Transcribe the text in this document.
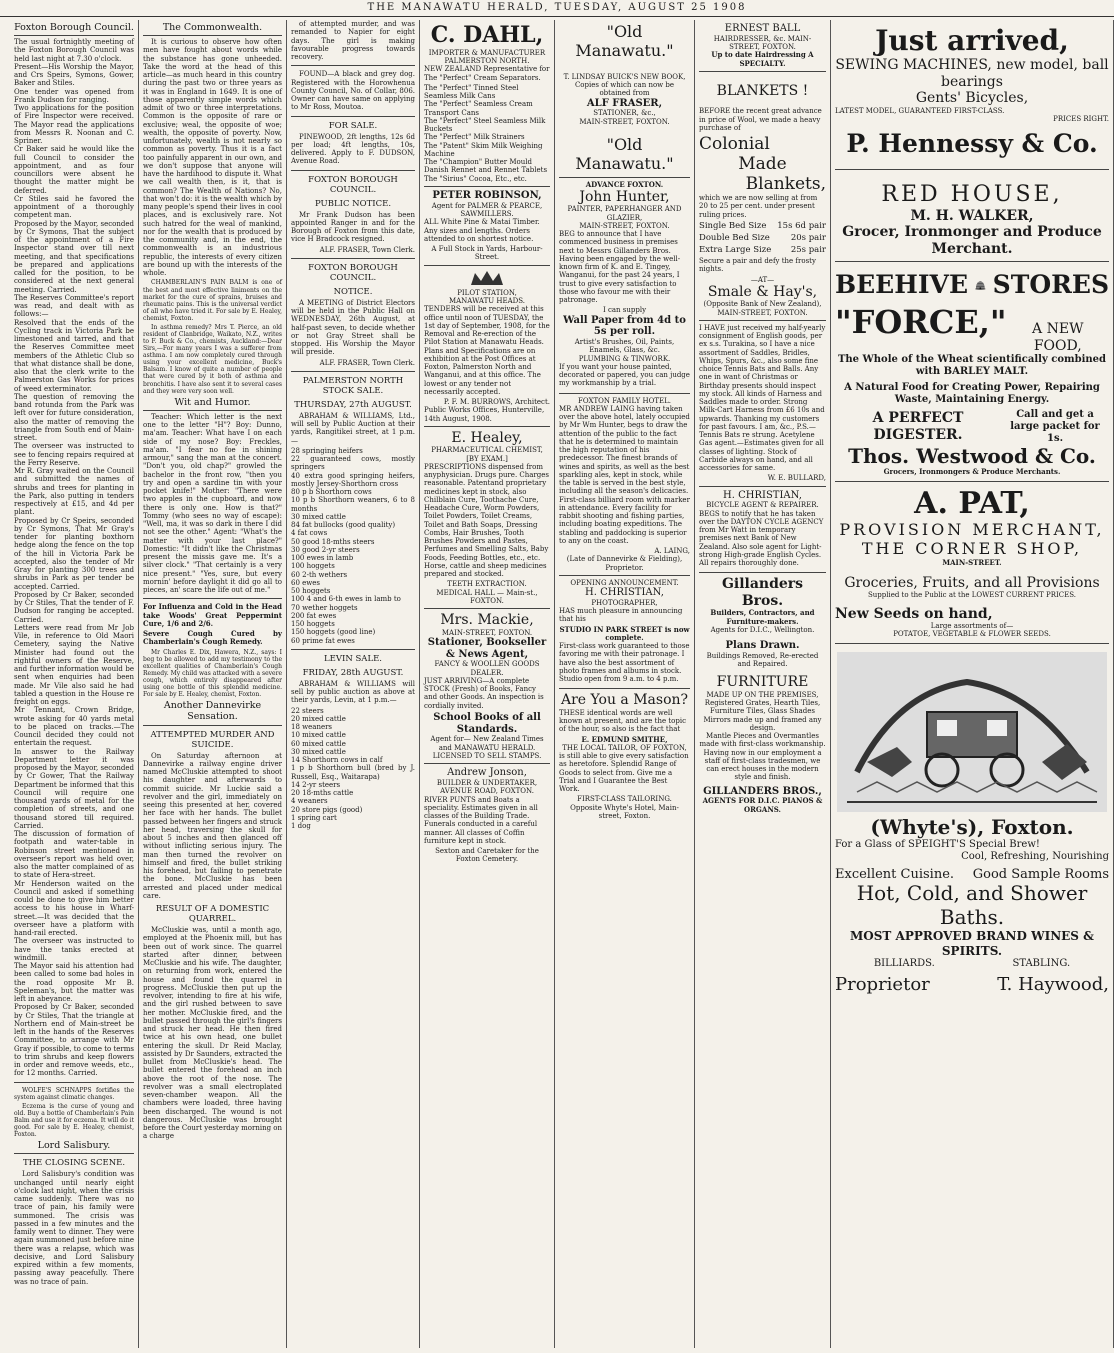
THE MANAWATU HERALD, TUESDAY, AUGUST 25 1908
Foxton Borough Council.

The usual fortnightly meeting of the Foxton Borough Council was held last night at 7.30 o'clock.

Present—His Worship the Mayor, and Crs Speirs, Symons, Gower, Baker and Stiles.

One tender was opened from Frank Dudson for ranging.

Two applications for the position of Fire Inspector were received. The Mayor read the applications from Messrs R. Noonan and C. Spriner.

Cr Baker said he would like the full Council to consider the appointment, and as four councillors were absent he thought the matter might be deferred.

Cr Stiles said he favored the appointment of a thoroughly competent man.

Proposed by the Mayor, seconded by Cr Symons, That the subject of the appointment of a Fire Inspector stand over till next meeting, and that specifications be prepared and applications called for the position, to be considered at the next general meeting. Carried.

The Reserves Committee's report was read, and dealt with as follows:—

Resolved that the ends of the Cycling track in Victoria Park be limestoned and tarred, and that the Reserves Committee meet members of the Athletic Club so that what distance shall be done, also that the clerk write to the Palmerston Gas Works for prices of weed exterminator.

The question of removing the band rotunda from the Park was left over for future consideration, also the matter of removing the triangle from South end of Main-street.

The overseer was instructed to see to fencing repairs required at the Ferry Reserve.

Mr R. Gray waited on the Council and submitted the names of shrubs and trees for planting in the Park, also putting in tenders respectively at £15, and 4d per plant.

Proposed by Cr Speirs, seconded by Cr Symons, That Mr Gray's tender for planting boxthorn hedge along the fence on the top of the hill in Victoria Park be accepted, also the tender of Mr Gray for planting 300 trees and shrubs in Park as per tender be accepted. Carried.

Proposed by Cr Baker, seconded by Cr Stiles, That the tender of F. Dudson for ranging be accepted. Carried.

Letters were read from Mr Job Vile, in reference to Old Maori Cemetery, saying the Native Minister had found out the rightful owners of the Reserve, and further information would be sent when enquiries had been made. Mr Vile also said he had tabled a question in the House re freight on eggs.

Mr Tennant, Crown Bridge, wrote asking for 40 yards metal to be placed on tracks.—The Council decided they could not entertain the request.

In answer to the Railway Department letter it was proposed by the Mayor, seconded by Cr Gower, That the Railway Department be informed that this Council will require one thousand yards of metal for the completion of streets, and one thousand stored till required. Carried.

The discussion of formation of footpath and water-table in Robinson street mentioned in overseer's report was held over, also the matter complained of as to state of Hera-street.

Mr Henderson waited on the Council and asked if something could be done to give him better access to his house in Wharf-street.—It was decided that the overseer have a platform with hand-rail erected.

The overseer was instructed to have the tanks erected at windmill.

The Mayor said his attention had been called to some bad holes in the road opposite Mr B. Speleman's, but the matter was left in abeyance.

Proposed by Cr Baker, seconded by Cr Stiles, That the triangle at Northern end of Main-street be left in the hands of the Reserves Committee, to arrange with Mr Gray if possible, to come to terms to trim shrubs and keep flowers in order and remove weeds, etc., for 12 months. Carried.

WOLFE'S SCHNAPPS fortifies the system against climatic changes.

Eczema is the curse of young and old. Buy a bottle of Chamberlain's Pain Balm and use it for eczema. It will do it good. For sale by E. Healey, chemist, Foxton.

Lord Salisbury.
THE CLOSING SCENE.

Lord Salisbury's condition was unchanged until nearly eight o'clock last night, when the crisis came suddenly. There was no trace of pain, his family were summoned. The crisis was passed in a few minutes and the family went to dinner. They were again summoned just before nine there was a relapse, which was decisive, and Lord Salisbury expired within a few moments, passing away peacefully. There was no trace of pain.

The Commonwealth.

It is curious to observe how often men have fought about words while the substance has gone unheeded. Take the word at the head of this article—as much heard in this country during the past two or three years as it was in England in 1649. It is one of those apparently simple words which admit of two or three interpretations. Common is the opposite of rare or exclusive; weal, the opposite of woe; wealth, the opposite of poverty. Now, unfortunately, wealth is not nearly so common as poverty. Thus it is a fact too painfully apparent in our own, and we don't suppose that anyone will have the hardihood to dispute it. What we call wealth then, is it, that is common? The Wealth of Nations? No, that won't do: it is the wealth which by many people's spend their lives in cool places, and is exclusively rare. Not such hatred for the weal of mankind, nor for the wealth that is produced by the community and, in the end, the commonwealth is an industrious republic, the interests of every citizen are bound up with the interests of the whole.

CHAMBERLAIN'S PAIN BALM is one of the best and most effective liniments on the market for the cure of sprains, bruises and rheumatic pains. This is the universal verdict of all who have tried it. For sale by E. Healey, chemist, Foxton.

In asthma remedy? Mrs T. Pierce, an old resident of Clanbridge, Waikato, N.Z., writes to F. Buck & Co., chemists, Auckland:—Dear Sirs,—For many years I was a sufferer from asthma. I am now completely cured through using your excellent medicine, Buck's Balsam. I know of quite a number of people that were cured by it both of asthma and bronchitis. I have also sent it to several cases and they were very soon well.

Wit and Humor.

Teacher: Which letter is the next one to the letter "H"? Boy: Dunno, ma'am. Teacher: What have I on each side of my nose? Boy: Freckles, ma'am. "I fear no foe in shining armour," sang the man at the concert. "Don't you, old chap?" growled the bachelor in the front row, "then you try and open a sardine tin with your pocket knife!" Mother: "There were two apples in the cupboard, and now there is only one. How is that?" Tommy (who sees no way of escape): "Well, ma, it was so dark in there I did not see the other." Agent: "What's the matter with your last place?" Domestic: "It didn't like the Christmas present the missis gave me. It's a silver clock." "That certainly is a very nice present." "Yes, sure, but every mornin' before daylight it did go all to pieces, an' scare the life out of me."

For Influenza and Cold in the Head take Woods' Great Peppermint Cure, 1/6 and 2/6.

Severe Cough Cured by Chamberlain's Cough Remedy.

Mr Charles E. Dix, Hawera, N.Z., says: I beg to be allowed to add my testimony to the excellent qualities of Chamberlain's Cough Remedy. My child was attacked with a severe cough, which entirely disappeared after using one bottle of this splendid medicine. For sale by E. Healey, chemist, Foxton.

Another Dannevirke Sensation.
ATTEMPTED MURDER AND SUICIDE.

On Saturday afternoon at Dannevirke a railway engine driver named McCluskie attempted to shoot his daughter and afterwards to commit suicide. Mr Luckie said a revolver and the girl, immediately on seeing this presented at her, covered her face with her hands. The bullet passed between her fingers and struck her head, traversing the skull for about 5 inches and then glanced off without inflicting serious injury. The man then turned the revolver on himself and fired, the bullet striking his forehead, but failing to penetrate the bone. McCluskie has been arrested and placed under medical care.

RESULT OF A DOMESTIC QUARREL.

McCluskie was, until a month ago, employed at the Phoenix mill, but has been out of work since. The quarrel started after dinner, between McCluskie and his wife. The daughter, on returning from work, entered the house and found the quarrel in progress. McCluskie then put up the revolver, intending to fire at his wife, and the girl rushed between to save her mother. McCluskie fired, and the bullet passed through the girl's fingers and struck her head. He then fired twice at his own head, one bullet entering the skull. Dr Reid Maclay, assisted by Dr Saunders, extracted the bullet from McCluskie's head. The bullet entered the forehead an inch above the root of the nose. The revolver was a small electroplated seven-chamber weapon. All the chambers were loaded, three having been discharged. The wound is not dangerous. McCluskie was brought before the Court yesterday morning on a charge

of attempted murder, and was remanded to Napier for eight days. The girl is making favourable progress towards recovery.

FOUND—A black and grey dog. Registered with the Horowhenua County Council, No. of Collar, 806. Owner can have same on applying to Mr Ross, Moutoa.

FOR SALE.

PINEWOOD, 2ft lengths, 12s 6d per load; 4ft lengths, 10s, delivered. Apply to F. DUDSON, Avenue Road.

FOXTON BOROUGH COUNCIL.
PUBLIC NOTICE.

Mr Frank Dudson has been appointed Ranger in and for the Borough of Foxton from this date, vice H Bradcock resigned.

ALF. FRASER, Town Clerk.

FOXTON BOROUGH COUNCIL.
NOTICE.

A MEETING of District Electors will be held in the Public Hall on WEDNESDAY, 26th August, at half-past seven, to decide whether or not Gray Street shall be stopped. His Worship the Mayor will preside.

ALF. FRASER, Town Clerk.

PALMERSTON NORTH STOCK SALE.
THURSDAY, 27th AUGUST.

ABRAHAM & WILLIAMS, Ltd., will sell by Public Auction at their yards, Rangitikei street, at 1 p.m.—

28 springing heifers

22 guaranteed cows, mostly springers

40 extra good springing heifers, mostly Jersey-Shorthorn cross

80 p b Shorthorn cows

10 p b Shorthorn weaners, 6 to 8 months

30 mixed cattle

84 fat bullocks (good quality)

4 fat cows

50 good 18-mths steers

30 good 2-yr steers

100 ewes in lamb

100 hoggets

60 2-th wethers

60 ewes

50 hoggets

100 4 and 6-th ewes in lamb to

70 wether hoggets

200 fat ewes

150 hoggets

150 hoggets (good line)

60 prime fat ewes

LEVIN SALE.
FRIDAY, 28th AUGUST.

ABRAHAM & WILLIAMS will sell by public auction as above at their yards, Levin, at 1 p.m.—

22 steers

20 mixed cattle

18 weaners

10 mixed cattle

60 mixed cattle

30 mixed cattle

14 Shorthorn cows in calf

1 p b Shorthorn bull (bred by J. Russell, Esq., Waitarapa)

14 2-yr steers

20 18-mths cattle

4 weaners

20 store pigs (good)

1 spring cart

1 dog

C. DAHL,
IMPORTER & MANUFACTURER
PALMERSTON NORTH.

NEW ZEALAND Representative for The "Perfect" Cream Separators.

The "Perfect" Tinned Steel Seamless Milk Cans

The "Perfect" Seamless Cream Transport Cans

The "Perfect" Steel Seamless Milk Buckets

The "Perfect" Milk Strainers

The "Patent" Skim Milk Weighing Machine

The "Champion" Butter Mould

Danish Rennet and Rennet Tablets

The "Sirius" Cocoa, Etc., etc.

PETER ROBINSON,
Agent for PALMER & PEARCE, SAWMILLERS.

ALL White Pine & Matai Timber. Any sizes and lengths. Orders attended to on shortest notice.

A Full Stock in Yards, Harbour-Street.
PILOT STATION,
MANAWATU HEADS.

TENDERS will be received at this office until noon of TUESDAY, the 1st day of September, 1908, for the Removal and Re-erection of the Pilot Station at Manawatu Heads. Plans and Specifications are on exhibition at the Post Offices at Foxton, Palmerston North and Wanganui, and at this office. The lowest or any tender not necessarily accepted.

P. F. M. BURROWS, Architect.
Public Works Offices, Hunterville, 14th August, 1908.
E. Healey,
PHARMACEUTICAL CHEMIST, [BY EXAM.]

PRESCRIPTIONS dispensed from anyphysician. Drugs pure. Charges reasonable. Patentand proprietary medicines kept in stock, also Chilblain Cure, Toothache Cure, Headache Cure, Worm Powders, Toilet Powders, Toilet Creams, Toilet and Bath Soaps, Dressing Combs, Hair Brushes, Tooth Brushes Powders and Pastes, Perfumes and Smelling Salts, Baby Foods, Feeding Bottles, etc., etc. Horse, cattle and sheep medicines prepared and stocked.

TEETH EXTRACTION.
MEDICAL HALL — Main-st., FOXTON.
Mrs. Mackie,
MAIN-STREET, FOXTON.
Stationer, Bookseller & News Agent,
FANCY & WOOLLEN GOODS DEALER.

JUST ARRIVING—A complete STOCK (Fresh) of Books, Fancy and other Goods. An inspection is cordially invited.

School Books of all Standards.
Agent for— New Zealand Times and MANAWATU HERALD.
LICENSED TO SELL STAMPS.
Andrew Jonson,
BUILDER & UNDERTAKER, AVENUE ROAD, FOXTON.

RIVER PUNTS and Boats a speciality. Estimates given in all classes of the Building Trade. Funerals conducted in a careful manner. All classes of Coffin furniture kept in stock.

Sexton and Caretaker for the Foxton Cemetery.
"Old Manawatu."
T. LINDSAY BUICK'S NEW BOOK,
Copies of which can now be obtained from
ALF FRASER,
STATIONER, &c.,
MAIN-STREET, FOXTON.
"Old Manawatu."
ADVANCE FOXTON.
John Hunter,
PAINTER, PAPERHANGER AND GLAZIER,
MAIN-STREET, FOXTON.

BEG to announce that I have commenced business in premises next to Messrs Gillanders Bros. Having been engaged by the well-known firm of K. and E. Tingey, Wanganui, for the past 24 years, I trust to give every satisfaction to those who favour me with their patronage.

I can supply
Wall Paper from 4d to 5s per roll.
Artist's Brushes, Oil, Paints, Enamels, Glass, &c.
PLUMBING & TINWORK.

If you want your house painted, decorated or papered, you can judge my workmanship by a trial.

FOXTON FAMILY HOTEL.

MR ANDREW LAING having taken over the above hotel, lately occupied by Mr Wm Hunter, begs to draw the attention of the public to the fact that he is determined to maintain the high reputation of his predecessor. The finest brands of wines and spirits, as well as the best sparkling ales, kept in stock, while the table is served in the best style, including all the season's delicacies. First-class billiard room with marker in attendance. Every facility for rabbit shooting and fishing parties, including boating expeditions. The stabling and paddocking is superior to any on the coast.

A. LAING,
(Late of Dannevirke & Fielding), Proprietor.
OPENING ANNOUNCEMENT.
H. CHRISTIAN,
PHOTOGRAPHER,

HAS much pleasure in announcing that his

STUDIO IN PARK STREET is now complete.

First-class work guaranteed to those favoring me with their patronage. I have also the best assortment of photo frames and albums in stock. Studio open from 9 a.m. to 4 p.m.

Are You a Mason?

THESE identical words are well known at present, and are the topic of the hour, so also is the fact that

E. EDMUND SMITHE,
THE LOCAL TAILOR, OF FOXTON,

is still able to give every satisfaction as heretofore. Splendid Range of Goods to select from. Give me a Trial and I Guarantee the Best Work.

FIRST-CLASS TAILORING.
Opposite Whyte's Hotel, Main-street, Foxton.
ERNEST BALL
HAIRDRESSER, &c. MAIN-STREET, FOXTON.
Up to date Hairdressing A SPECIALTY.
BLANKETS !

BEFORE the recent great advance in price of Wool, we made a heavy purchase of

Colonial
Made
Blankets,

which we are now selling at from 20 to 25 per cent. under present ruling prices.

Single Bed Size 15s 6d pair
Double Bed Size 20s pair
Extra Large Size 25s pair

Secure a pair and defy the frosty nights.

—AT—
Smale & Hay's,
(Opposite Bank of New Zealand),
MAIN-STREET, FOXTON.

I HAVE just received my half-yearly consignment of English goods, per ex s.s. Turakina, so I have a nice assortment of Saddles, Bridles, Whips, Spurs, &c., also some fine choice Tennis Bats and Balls. Any one in want of Christmas or Birthday presents should inspect my stock. All kinds of Harness and Saddles made to order. Strong Milk-Cart Harness from £6 10s and upwards. Thanking my customers for past favours. I am, &c., P.S.—Tennis Bats re strung. Acetylene Gas agent.—Estimates given for all classes of lighting. Stock of Carbide always on hand, and all accessories for same.

W. E. BULLARD,
H. CHRISTIAN,
BICYCLE AGENT & REPAIRER.

BEGS to notify that he has taken over the DAYTON CYCLE AGENCY from Mr Watt in temporary premises next Bank of New Zealand. Also sole agent for Light-strong High-grade English Cycles. All repairs thoroughly done.

Gillanders Bros.
Builders, Contractors, and Furniture-makers.
Agents for D.I.C., Wellington.
Plans Drawn.
Buildings Removed, Re-erected and Repaired.
FURNITURE
MADE UP ON THE PREMISES,
Registered Grates, Hearth Tiles, Furniture Tiles, Glass Shades
Mirrors made up and framed any design.
Mantle Pieces and Overmantles made with first-class workmanship.
Having now in our employment a staff of first-class tradesmen, we can erect houses in the modern style and finish.
GILLANDERS BROS.,
AGENTS FOR D.I.C. PIANOS & ORGANS.
Just arrived,
SEWING MACHINES, new model, ball bearings
Gents' Bicycles,
LATEST MODEL, GUARANTEED FIRST-CLASS.
PRICES RIGHT.
P. Hennessy & Co.
RED HOUSE,
M. H. WALKER,
Grocer, Ironmonger and Produce Merchant.
BEEHIVE STORES
"FORCE,"	A NEW FOOD,
The Whole of the Wheat scientifically combined with BARLEY MALT.
A Natural Food for Creating Power, Repairing Waste, Maintaining Energy.
A PERFECT DIGESTER.
Call and get a large packet for 1s.
Thos. Westwood & Co.
Grocers, Ironmongers & Produce Merchants.
A. PAT,
PROVISION MERCHANT,
THE CORNER SHOP,
MAIN-STREET.
Groceries, Fruits, and all Provisions
Supplied to the Public at the LOWEST CURRENT PRICES.
New Seeds on hand,
Large assortments of—
POTATOE, VEGETABLE & FLOWER SEEDS.
(Whyte's), Foxton.
For a Glass of SPEIGHT'S Special Brew!
Cool, Refreshing, Nourishing
Excellent Cuisine. Good Sample Rooms
Hot, Cold, and Shower Baths.
MOST APPROVED BRAND WINES & SPIRITS.
BILLIARDS.	STABLING.
Proprietor	T. Haywood,
